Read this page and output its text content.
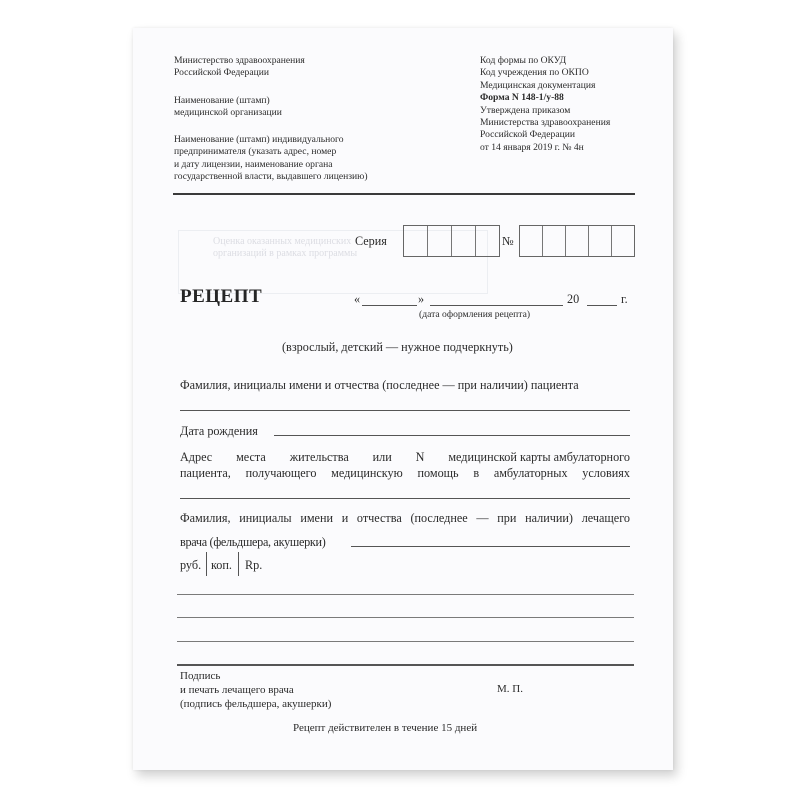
Министерство здравоохранения
Российской Федерации
Наименование (штамп)
медицинской организации
Наименование (штамп) индивидуального
предпринимателя (указать адрес, номер
и дату лицензии, наименование органа
государственной власти, выдавшего лицензию)
Код формы по ОКУД
Код учреждения по ОКПО
Медицинская документация
Форма N 148-1/у-88
Утверждена приказом
Министерства здравоохранения
Российской Федерации
от 14 января 2019 г. № 4н
Оценка оказанных медицинских
организаций в рамках программы
Серия	№
РЕЦЕПТ	«	»	20	г.
(дата оформления рецепта)
(взрослый, детский — нужное подчеркнуть)
Фамилия, инициалы имени и отчества (последнее — при наличии) пациента
Дата рождения
Адрес места жительства или N медицинской карты амбулаторного
пациента, получающего медицинскую помощь в амбулаторных условиях
Фамилия, инициалы имени и отчества (последнее — при наличии) лечащего
врача (фельдшера, акушерки)
руб. коп. Rp.
Подпись
и печать лечащего врача
(подпись фельдшера, акушерки)
М. П.
Рецепт действителен в течение 15 дней
